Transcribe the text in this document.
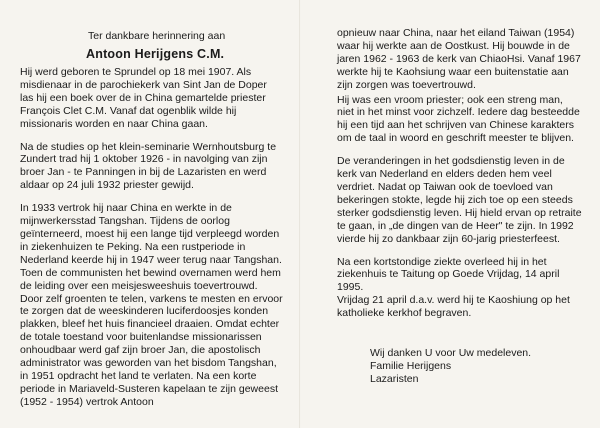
Ter dankbare herinnering aan
Antoon Herijgens C.M.

Hij werd geboren te Sprundel op 18 mei 1907. Als misdienaar in de parochiekerk van Sint Jan de Doper las hij een boek over de in China gemartelde priester François Clet C.M. Vanaf dat ogenblik wilde hij missionaris worden en naar China gaan.

Na de studies op het klein-seminarie Wernhoutsburg te Zundert trad hij 1 oktober 1926 - in navolging van zijn broer Jan - te Panningen in bij de Lazaristen en werd aldaar op 24 juli 1932 priester gewijd.

In 1933 vertrok hij naar China en werkte in de mijnwerkersstad Tangshan. Tijdens de oorlog geïnterneerd, moest hij een lange tijd verpleegd worden in ziekenhuizen te Peking. Na een rustperiode in Nederland keerde hij in 1947 weer terug naar Tangshan. Toen de communisten het bewind overnamen werd hem de leiding over een meisjesweeshuis toevertrouwd. Door zelf groenten te telen, varkens te mesten en ervoor te zorgen dat de weeskinderen luciferdoosjes konden plakken, bleef het huis financieel draaien. Omdat echter de totale toestand voor buitenlandse missionarissen onhoudbaar werd gaf zijn broer Jan, die apostolisch administrator was geworden van het bisdom Tangshan, in 1951 opdracht het land te verlaten. Na een korte periode in Mariaveld-Susteren kapelaan te zijn geweest (1952 - 1954) vertrok Antoon

opnieuw naar China, naar het eiland Taiwan (1954) waar hij werkte aan de Oostkust. Hij bouwde in de jaren 1962 - 1963 de kerk van ChiaoHsi. Vanaf 1967 werkte hij te Kaohsiung waar een buitenstatie aan zijn zorgen was toevertrouwd.

Hij was een vroom priester; ook een streng man, niet in het minst voor zichzelf. Iedere dag besteedde hij een tijd aan het schrijven van Chinese karakters om de taal in woord en geschrift meester te blijven.

De veranderingen in het godsdienstig leven in de kerk van Nederland en elders deden hem veel verdriet. Nadat op Taiwan ook de toevloed van bekeringen stokte, legde hij zich toe op een steeds sterker godsdienstig leven. Hij hield ervan op retraite te gaan, in „de dingen van de Heer" te zijn. In 1992 vierde hij zo dankbaar zijn 60-jarig priesterfeest.

Na een kortstondige ziekte overleed hij in het ziekenhuis te Taitung op Goede Vrijdag, 14 april 1995.

Vrijdag 21 april d.a.v. werd hij te Kaoshiung op het katholieke kerkhof begraven.

Wij danken U voor Uw medeleven.
Familie Herijgens
Lazaristen
